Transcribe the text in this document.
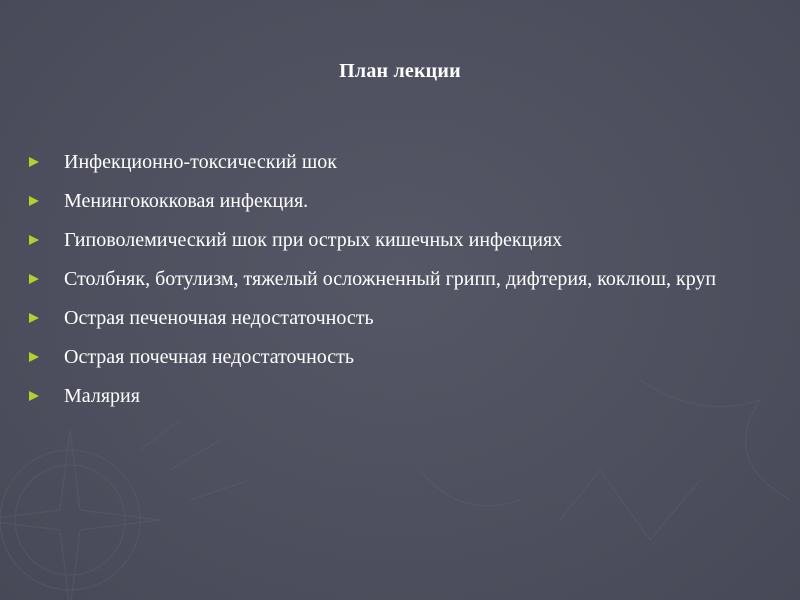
План лекции
Инфекционно-токсический шок
Менингококковая инфекция.
Гиповолемический шок при острых кишечных инфекциях
Столбняк, ботулизм, тяжелый осложненный грипп, дифтерия, коклюш, круп
Острая печеночная недостаточность
Острая почечная недостаточность
Малярия
